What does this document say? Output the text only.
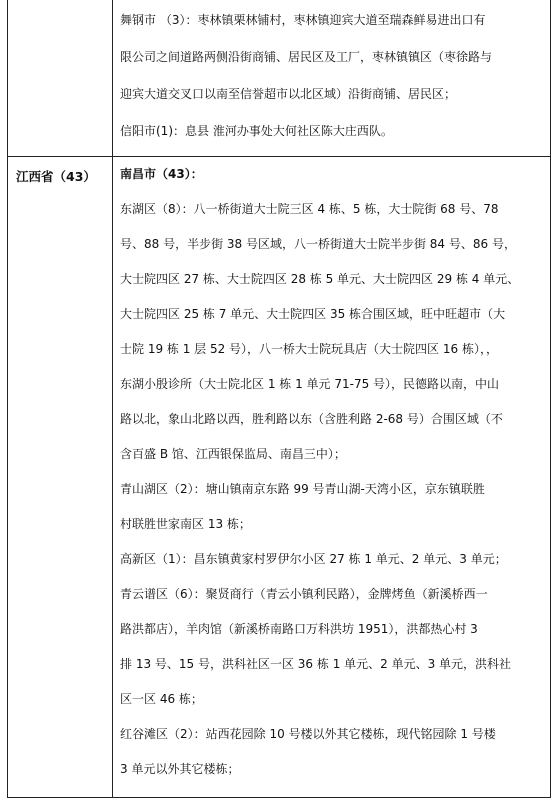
舞钢市 （3）：枣林镇栗林铺村，枣林镇迎宾大道至瑞森鲜易进出口有
限公司之间道路两侧沿街商铺、居民区及工厂，枣林镇镇区（枣徐路与
迎宾大道交叉口以南至信誉超市以北区域）沿街商铺、居民区；
信阳市(1)：息县 淮河办事处大何社区陈大庄西队。
江西省（43） 南昌市（43）：
东湖区（8）：八一桥街道大士院三区 4 栋、5 栋，大士院街 68 号、78
号、88 号，半步街 38 号区域，八一桥街道大士院半步街 84 号、86 号，
大士院四区 27 栋、大士院四区 28 栋 5 单元、大士院四区 29 栋 4 单元、
大士院四区 25 栋 7 单元、大士院四区 35 栋合围区域，旺中旺超市（大
士院 19 栋 1 层 52 号），八一桥大士院玩具店（大士院四区 16 栋），，
东湖小殷诊所（大士院北区 1 栋 1 单元 71-75 号），民德路以南，中山
路以北，象山北路以西，胜利路以东（含胜利路 2-68 号）合围区域（不
含百盛 B 馆、江西银保监局、南昌三中）；
青山湖区（2）：塘山镇南京东路 99 号青山湖-天湾小区，京东镇联胜
村联胜世家南区 13 栋；
高新区（1）：昌东镇黄家村罗伊尔小区 27 栋 1 单元、2 单元、3 单元；
青云谱区（6）：聚贤商行（青云小镇利民路），金牌烤鱼（新溪桥西一
路洪都店），羊肉馆（新溪桥南路口万科洪坊 1951），洪都热心村 3
排 13 号、15 号，洪科社区一区 36 栋 1 单元、2 单元、3 单元，洪科社
区一区 46 栋；
红谷滩区（2）：站西花园除 10 号楼以外其它楼栋，现代铭园除 1 号楼
3 单元以外其它楼栋；
